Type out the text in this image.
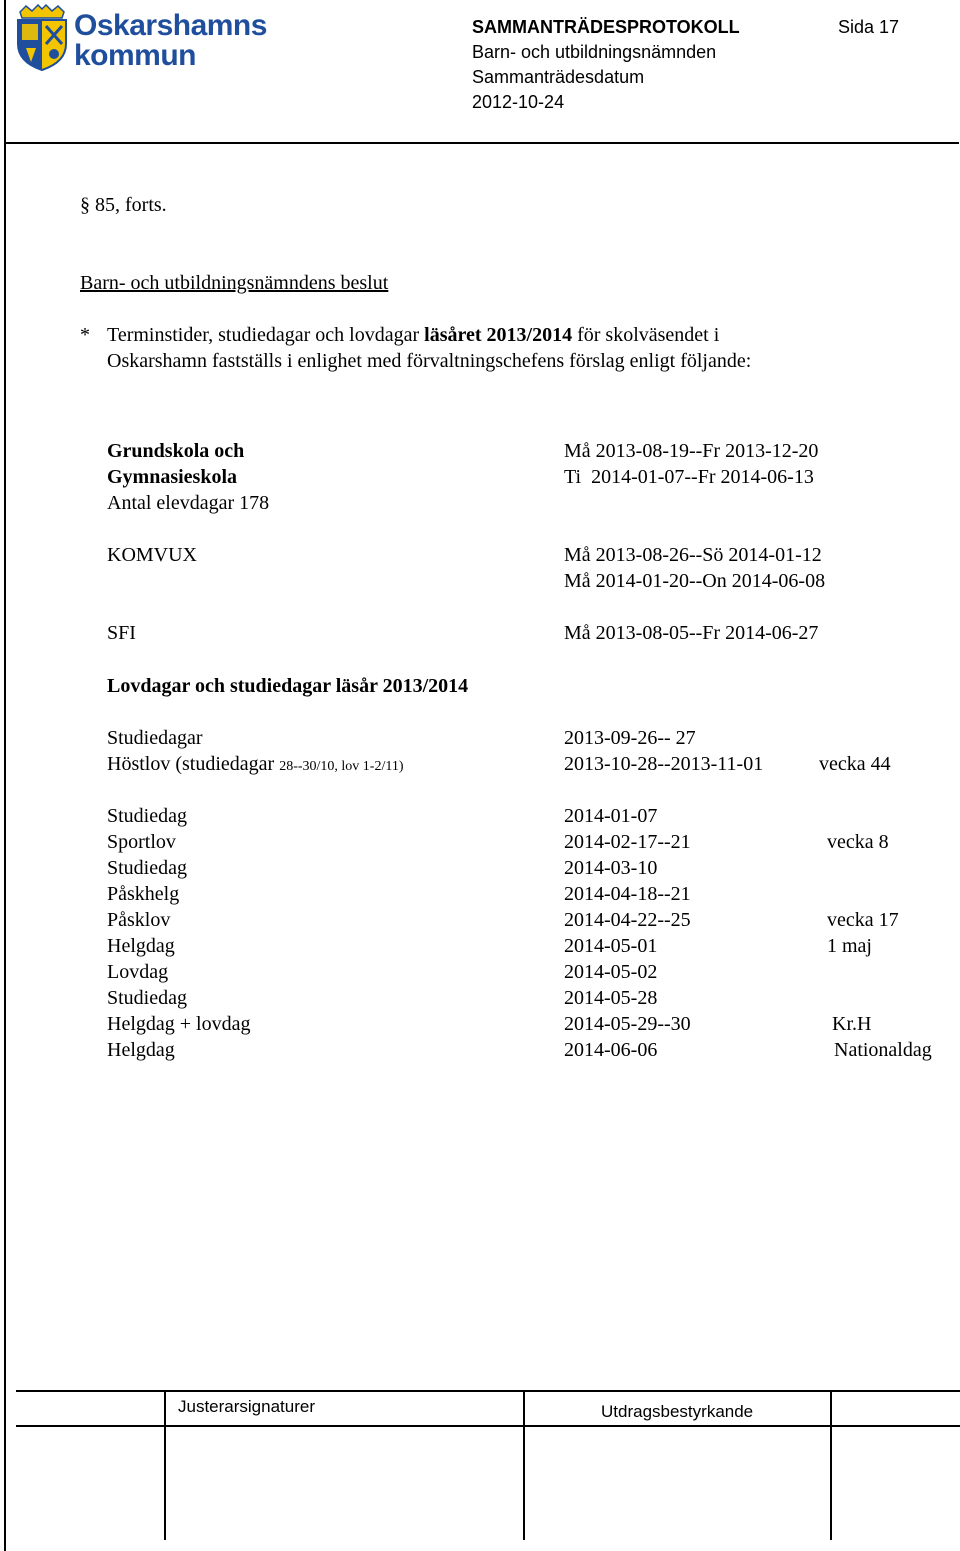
Oskarshamns
kommun
SAMMANTRÄDESPROTOKOLL	Sida 17
Barn- och utbildningsnämnden
Sammanträdesdatum
2012-10-24
§ 85, forts.
Barn- och utbildningsnämndens beslut
* Terminstider, studiedagar och lovdagar läsåret 2013/2014 för skolväsendet i
Oskarshamn fastställs i enlighet med förvaltningschefens förslag enligt följande:
Grundskola och	Må 2013-08-19--Fr 2013-12-20
Gymnasieskola	Ti  2014-01-07--Fr 2014-06-13
Antal elevdagar 178
KOMVUX	Må 2013-08-26--Sö 2014-01-12
Må 2014-01-20--On 2014-06-08
SFI	Må 2013-08-05--Fr 2014-06-27
Lovdagar och studiedagar läsår 2013/2014
Studiedagar	2013-09-26-- 27
Höstlov (studiedagar 28--30/10, lov 1-2/11)	2013-10-28--2013-11-01	vecka 44
Studiedag	2014-01-07
Sportlov	2014-02-17--21	vecka 8
Studiedag	2014-03-10
Påskhelg	2014-04-18--21
Påsklov	2014-04-22--25	vecka 17
Helgdag	2014-05-01	1 maj
Lovdag	2014-05-02
Studiedag	2014-05-28
Helgdag + lovdag	2014-05-29--30	Kr.H
Helgdag	2014-06-06	Nationaldag
Justerarsignaturer	Utdragsbestyrkande
